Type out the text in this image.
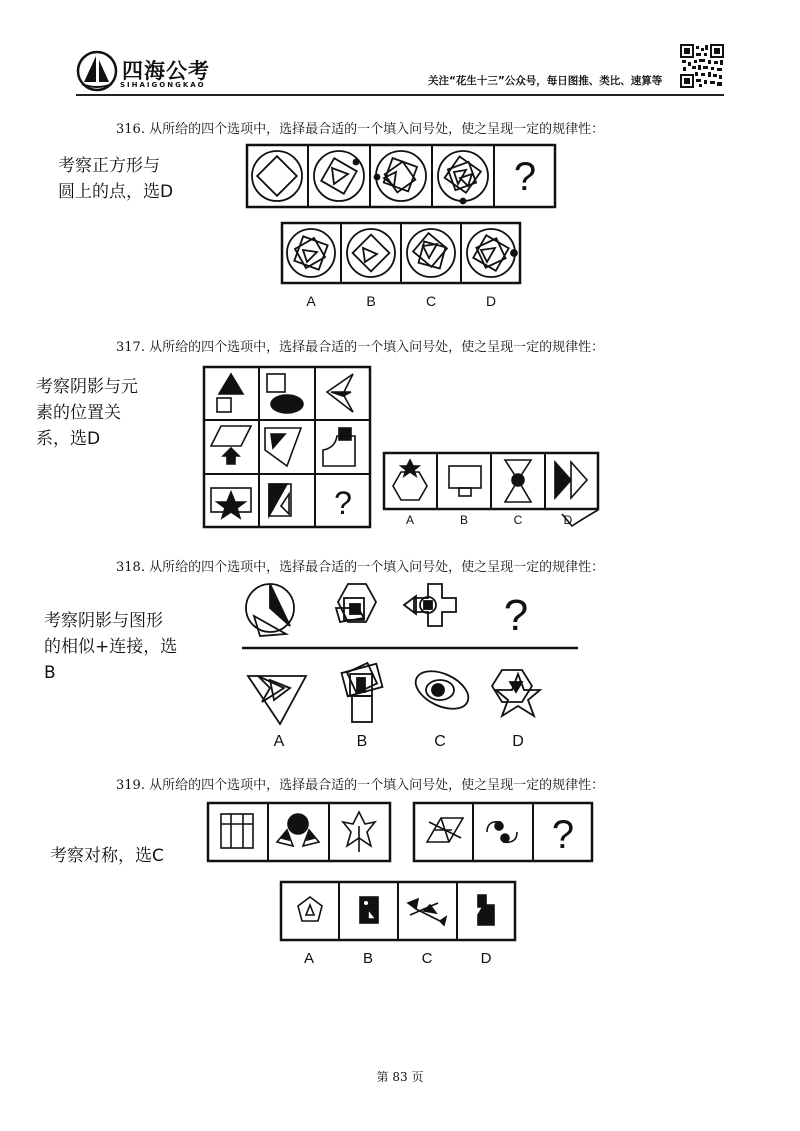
四海公考
SIHAIGONGKAO	关注“花生十三”公众号，每日图推、类比、速算等
316. 从所给的四个选项中，选择最合适的一个填入问号处，使之呈现一定的规律性：
考察正方形与
圆上的点，选D	?
A	B	C	D
317. 从所给的四个选项中，选择最合适的一个填入问号处，使之呈现一定的规律性：
考察阴影与元
素的位置关
系，选D
?	A	B	C	D
318. 从所给的四个选项中，选择最合适的一个填入问号处，使之呈现一定的规律性：
考察阴影与图形
的相似+连接，选
B
?
A	B	C	D
319. 从所给的四个选项中，选择最合适的一个填入问号处，使之呈现一定的规律性：
考察对称，选C	?
A	B	C	D
第 83 页
